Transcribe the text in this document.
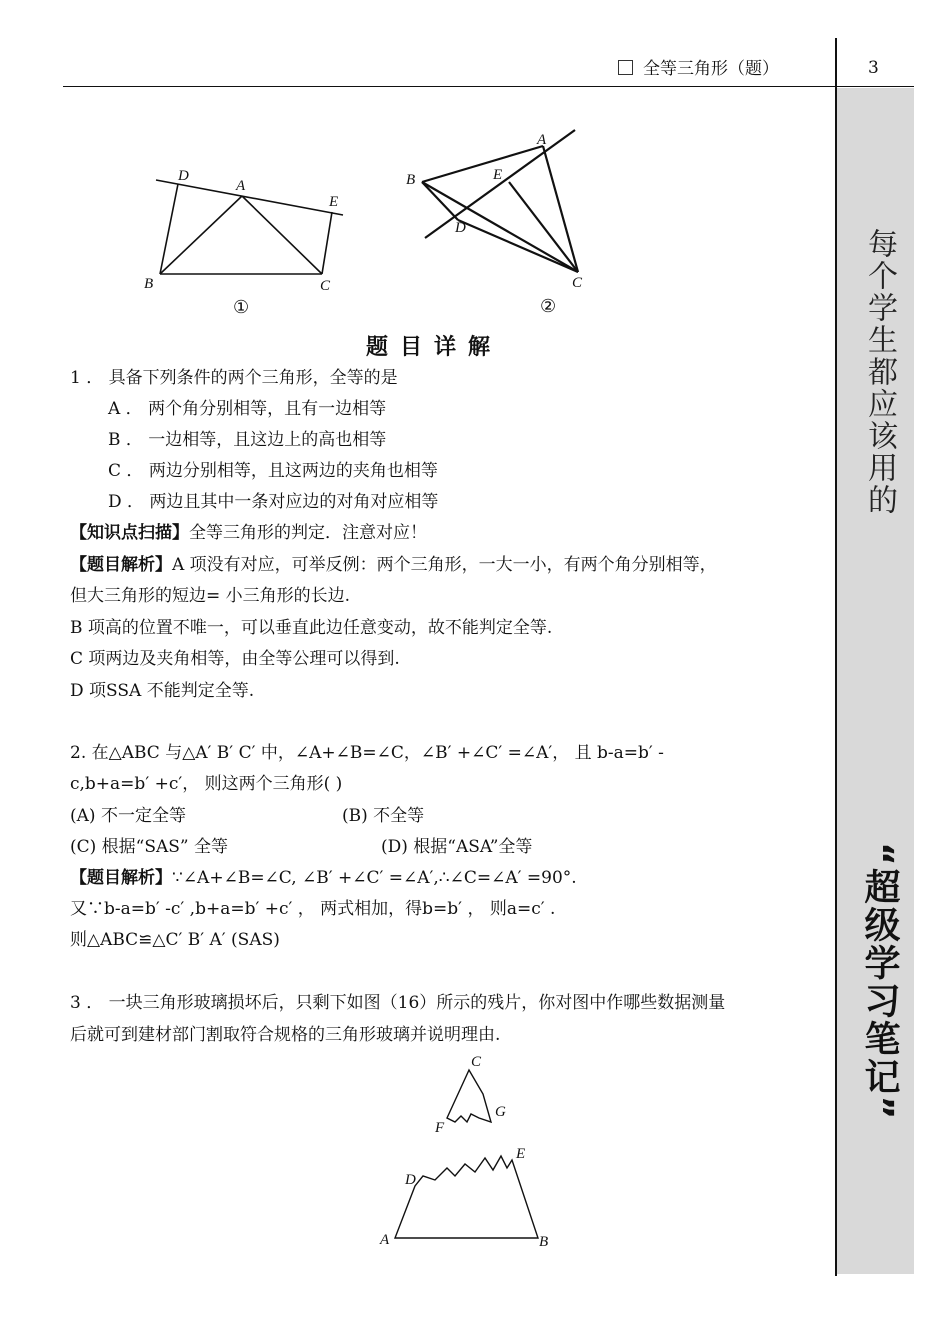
全等三角形（题）	3
每个学生都应该用的
“超级学习笔记”
D
A
E
B	C
①
A
B	E
D
C
②
题目详解
1 ． 具备下列条件的两个三角形，全等的是
A ． 两个角分别相等，且有一边相等
B ． 一边相等，且这边上的高也相等
C ． 两边分别相等，且这两边的夹角也相等
D ． 两边且其中一条对应边的对角对应相等
【知识点扫描】全等三角形的判定．注意对应！
【题目解析】A 项没有对应，可举反例：两个三角形，一大一小，有两个角分别相等，
但大三角形的短边= 小三角形的长边.
B 项高的位置不唯一，可以垂直此边任意变动，故不能判定全等.
C 项两边及夹角相等，由全等公理可以得到.
D 项SSA 不能判定全等.
2. 在△ABC 与△A′ B′ C′ 中，∠A+∠B=∠C，∠B′ +∠C′ =∠A′， 且 b-a=b′ -
c,b+a=b′ +c′， 则这两个三角形( )
(A) 不一定全等	(B) 不全等
(C) 根据“SAS” 全等	(D) 根据“ASA”全等
【题目解析】∵∠A+∠B=∠C, ∠B′ +∠C′ =∠A′,∴∠C=∠A′ =90°.
又∵b-a=b′ -c′ ,b+a=b′ +c′ ， 两式相加，得b=b′ ， 则a=c′ .
则△ABC≌△C′ B′ A′ (SAS)
3 ． 一块三角形玻璃损坏后，只剩下如图（16）所示的残片，你对图中作哪些数据测量
后就可到建材部门割取符合规格的三角形玻璃并说明理由.
C
G
F
E
D
A	B
